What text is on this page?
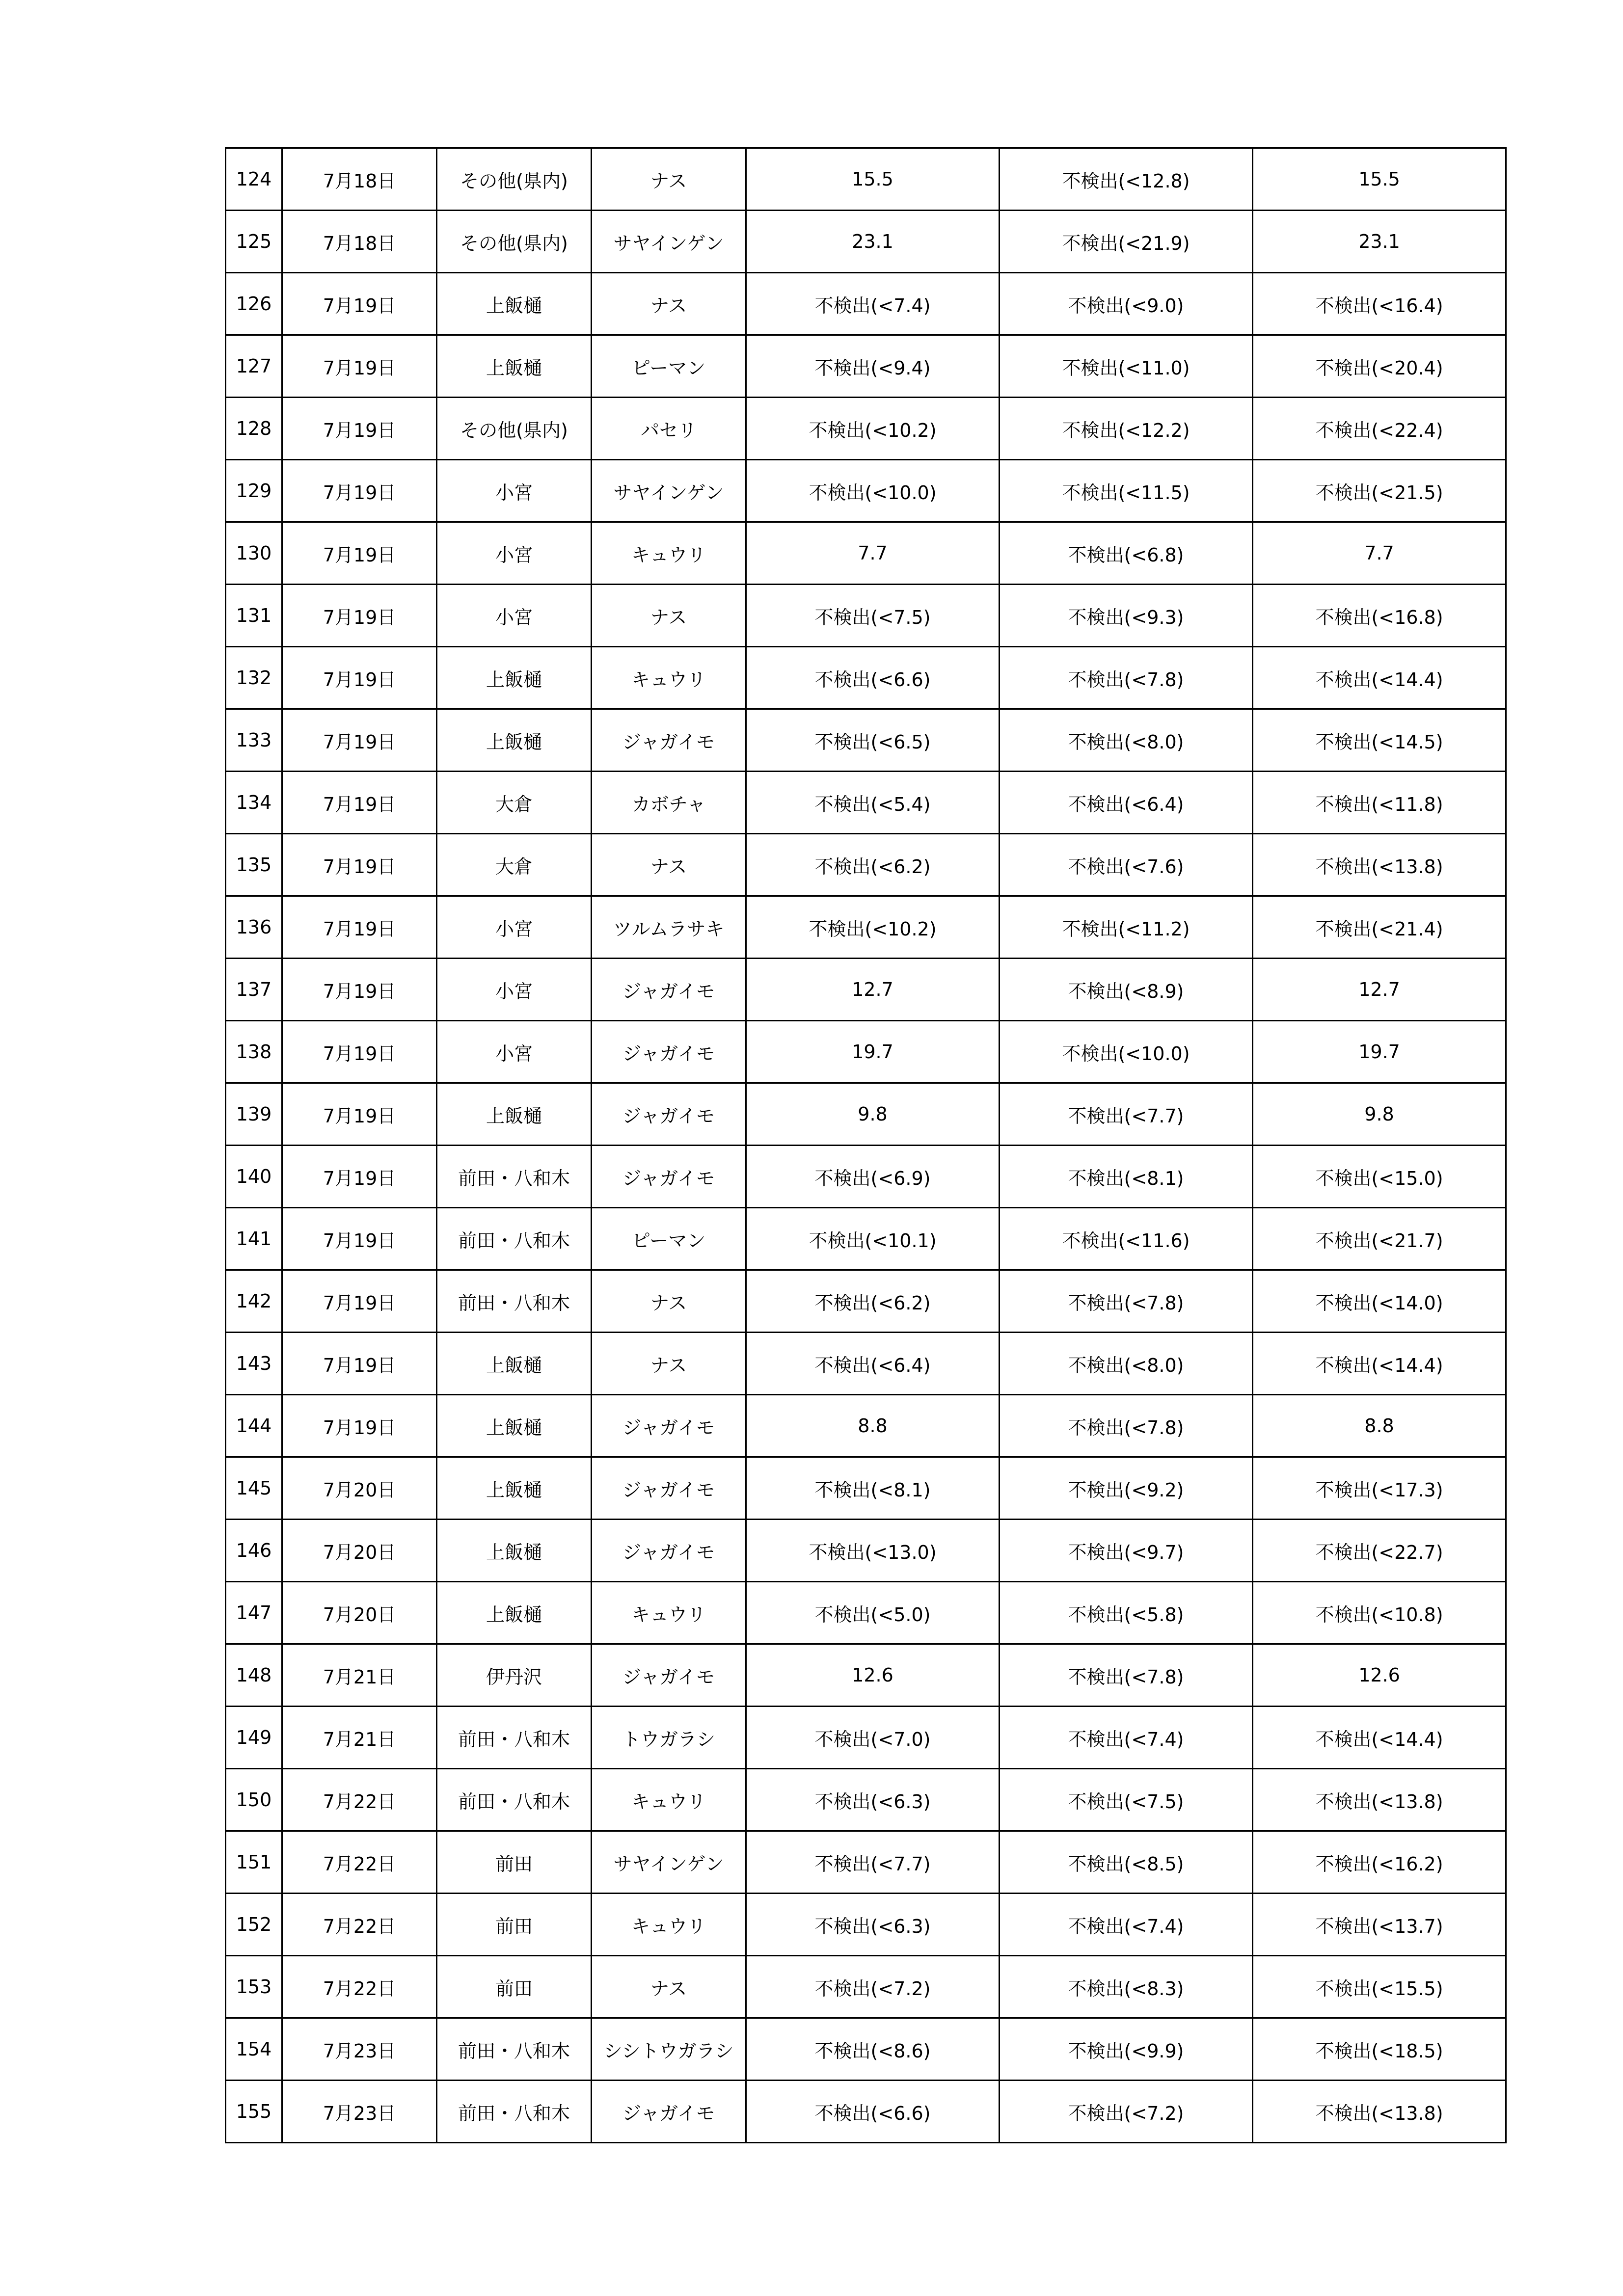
124	7月18日	その他(県内)	ナス	15.5	不検出(<12.8)	15.5
125	7月18日	その他(県内)	サヤインゲン	23.1	不検出(<21.9)	23.1
126	7月19日	上飯樋	ナス	不検出(<7.4)	不検出(<9.0)	不検出(<16.4)
127	7月19日	上飯樋	ピーマン	不検出(<9.4)	不検出(<11.0)	不検出(<20.4)
128	7月19日	その他(県内)	パセリ	不検出(<10.2)	不検出(<12.2)	不検出(<22.4)
129	7月19日	小宮	サヤインゲン	不検出(<10.0)	不検出(<11.5)	不検出(<21.5)
130	7月19日	小宮	キュウリ	7.7	不検出(<6.8)	7.7
131	7月19日	小宮	ナス	不検出(<7.5)	不検出(<9.3)	不検出(<16.8)
132	7月19日	上飯樋	キュウリ	不検出(<6.6)	不検出(<7.8)	不検出(<14.4)
133	7月19日	上飯樋	ジャガイモ	不検出(<6.5)	不検出(<8.0)	不検出(<14.5)
134	7月19日	大倉	カボチャ	不検出(<5.4)	不検出(<6.4)	不検出(<11.8)
135	7月19日	大倉	ナス	不検出(<6.2)	不検出(<7.6)	不検出(<13.8)
136	7月19日	小宮	ツルムラサキ	不検出(<10.2)	不検出(<11.2)	不検出(<21.4)
137	7月19日	小宮	ジャガイモ	12.7	不検出(<8.9)	12.7
138	7月19日	小宮	ジャガイモ	19.7	不検出(<10.0)	19.7
139	7月19日	上飯樋	ジャガイモ	9.8	不検出(<7.7)	9.8
140	7月19日	前田・八和木	ジャガイモ	不検出(<6.9)	不検出(<8.1)	不検出(<15.0)
141	7月19日	前田・八和木	ピーマン	不検出(<10.1)	不検出(<11.6)	不検出(<21.7)
142	7月19日	前田・八和木	ナス	不検出(<6.2)	不検出(<7.8)	不検出(<14.0)
143	7月19日	上飯樋	ナス	不検出(<6.4)	不検出(<8.0)	不検出(<14.4)
144	7月19日	上飯樋	ジャガイモ	8.8	不検出(<7.8)	8.8
145	7月20日	上飯樋	ジャガイモ	不検出(<8.1)	不検出(<9.2)	不検出(<17.3)
146	7月20日	上飯樋	ジャガイモ	不検出(<13.0)	不検出(<9.7)	不検出(<22.7)
147	7月20日	上飯樋	キュウリ	不検出(<5.0)	不検出(<5.8)	不検出(<10.8)
148	7月21日	伊丹沢	ジャガイモ	12.6	不検出(<7.8)	12.6
149	7月21日	前田・八和木	トウガラシ	不検出(<7.0)	不検出(<7.4)	不検出(<14.4)
150	7月22日	前田・八和木	キュウリ	不検出(<6.3)	不検出(<7.5)	不検出(<13.8)
151	7月22日	前田	サヤインゲン	不検出(<7.7)	不検出(<8.5)	不検出(<16.2)
152	7月22日	前田	キュウリ	不検出(<6.3)	不検出(<7.4)	不検出(<13.7)
153	7月22日	前田	ナス	不検出(<7.2)	不検出(<8.3)	不検出(<15.5)
154	7月23日	前田・八和木	シシトウガラシ	不検出(<8.6)	不検出(<9.9)	不検出(<18.5)
155	7月23日	前田・八和木	ジャガイモ	不検出(<6.6)	不検出(<7.2)	不検出(<13.8)
